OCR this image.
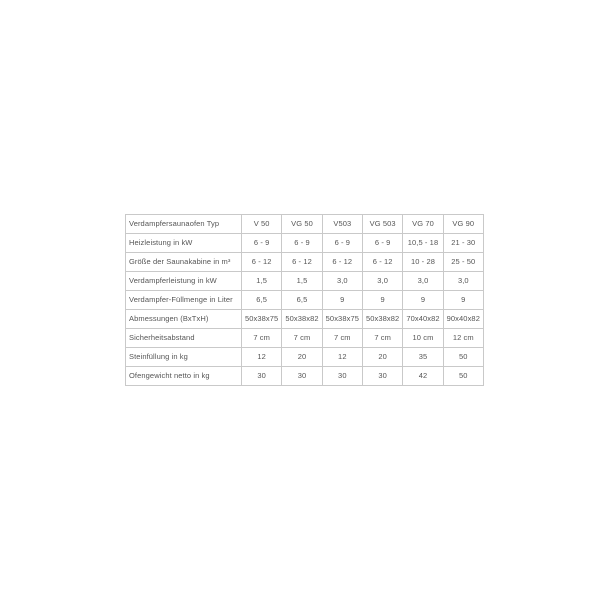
Verdampfersaunaofen Typ	V 50	VG 50	V503	VG 503	VG 70	VG 90
Heizleistung in kW	6 - 9	6 - 9	6 - 9	6 - 9	10,5 - 18	21 - 30
Größe der Saunakabine in m³	6 - 12	6 - 12	6 - 12	6 - 12	10 - 28	25 - 50
Verdampferleistung in kW	1,5	1,5	3,0	3,0	3,0	3,0
Verdampfer-Füllmenge in Liter	6,5	6,5	9	9	9	9
Abmessungen (BxTxH)	50x38x75	50x38x82	50x38x75	50x38x82	70x40x82	90x40x82
Sicherheitsabstand	7 cm	7 cm	7 cm	7 cm	10 cm	12 cm
Steinfüllung in kg	12	20	12	20	35	50
Ofengewicht netto in kg	30	30	30	30	42	50
